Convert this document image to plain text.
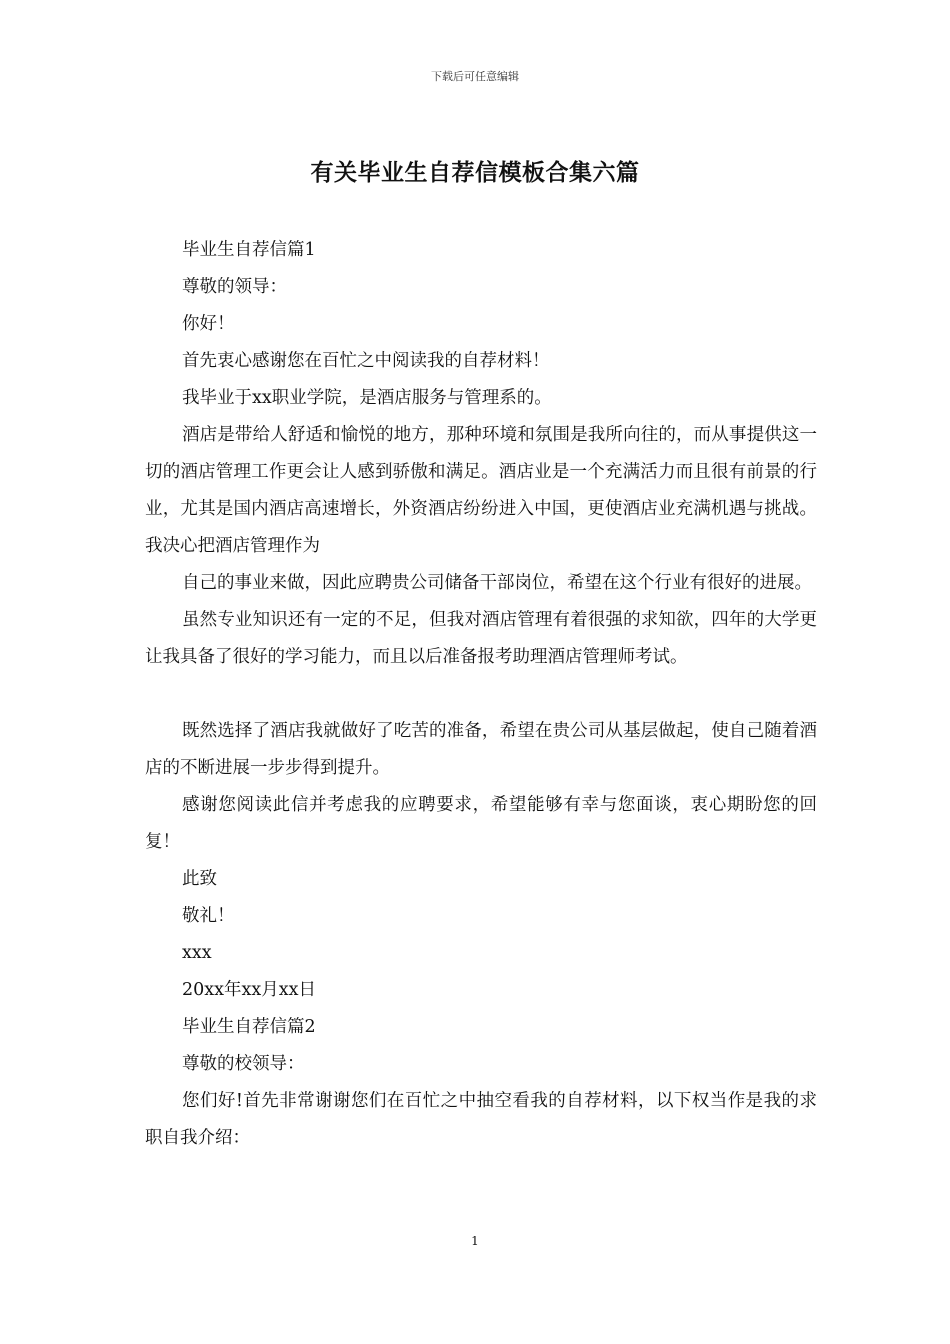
下载后可任意编辑
有关毕业生自荐信模板合集六篇

毕业生自荐信篇1

尊敬的领导：

你好！

首先衷心感谢您在百忙之中阅读我的自荐材料！

我毕业于xx职业学院，是酒店服务与管理系的。

酒店是带给人舒适和愉悦的地方，那种环境和氛围是我所向往的，而从事提供这一切的酒店管理工作更会让人感到骄傲和满足。酒店业是一个充满活力而且很有前景的行业，尤其是国内酒店高速增长，外资酒店纷纷进入中国，更使酒店业充满机遇与挑战。我决心把酒店管理作为

自己的事业来做，因此应聘贵公司储备干部岗位，希望在这个行业有很好的进展。

虽然专业知识还有一定的不足，但我对酒店管理有着很强的求知欲，四年的大学更让我具备了很好的学习能力，而且以后准备报考助理酒店管理师考试。

既然选择了酒店我就做好了吃苦的准备，希望在贵公司从基层做起，使自己随着酒店的不断进展一步步得到提升。

感谢您阅读此信并考虑我的应聘要求，希望能够有幸与您面谈，衷心期盼您的回复！

此致

敬礼！

xxx

20xx年xx月xx日

毕业生自荐信篇2

尊敬的校领导：

您们好!首先非常谢谢您们在百忙之中抽空看我的自荐材料，以下权当作是我的求职自我介绍：

1
